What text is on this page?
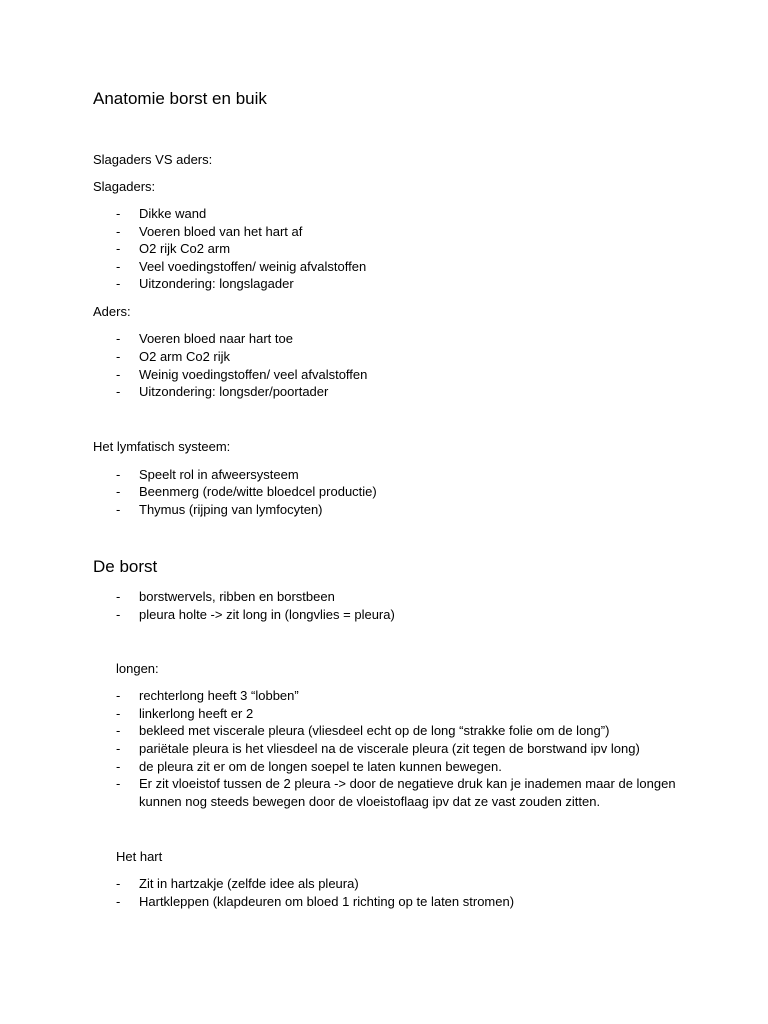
Anatomie borst en buik
Slagaders VS aders:
Slagaders:
- Dikke wand
- Voeren bloed van het hart af
- O2 rijk Co2 arm
- Veel voedingstoffen/ weinig afvalstoffen
- Uitzondering: longslagader
Aders:
- Voeren bloed naar hart toe
- O2 arm Co2 rijk
- Weinig voedingstoffen/ veel afvalstoffen
- Uitzondering: longsder/poortader
Het lymfatisch systeem:
- Speelt rol in afweersysteem
- Beenmerg (rode/witte bloedcel productie)
- Thymus (rijping van lymfocyten)
De borst
- borstwervels, ribben en borstbeen
- pleura holte -> zit long in (longvlies = pleura)
longen:
- rechterlong heeft 3 “lobben”
- linkerlong heeft er 2
- bekleed met viscerale pleura (vliesdeel echt op de long “strakke folie om de long”)
- pariëtale pleura is het vliesdeel na de viscerale pleura (zit tegen de borstwand ipv long)
- de pleura zit er om de longen soepel te laten kunnen bewegen.
- Er zit vloeistof tussen de 2 pleura -> door de negatieve druk kan je inademen maar de longen
kunnen nog steeds bewegen door de vloeistoflaag ipv dat ze vast zouden zitten.
Het hart
- Zit in hartzakje (zelfde idee als pleura)
- Hartkleppen (klapdeuren om bloed 1 richting op te laten stromen)
